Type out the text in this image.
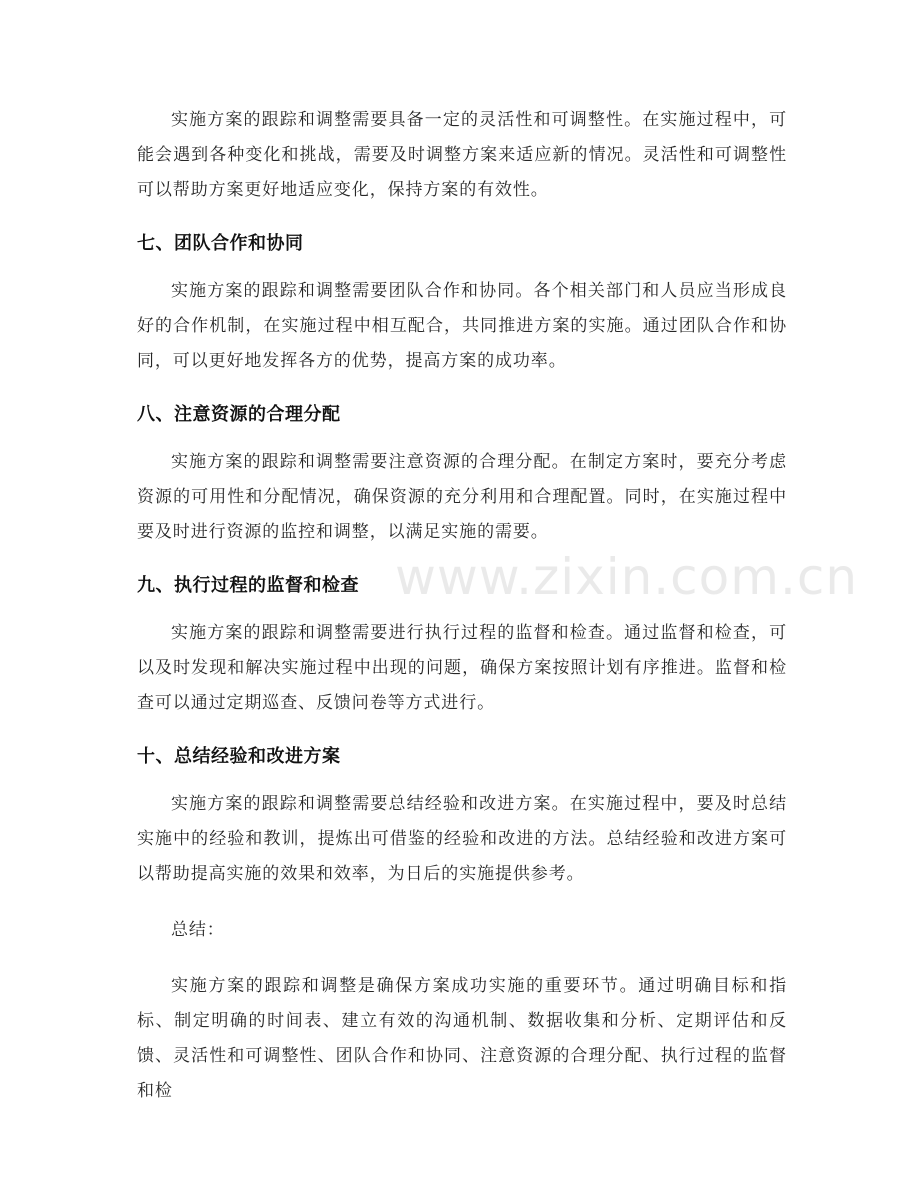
实施方案的跟踪和调整需要具备一定的灵活性和可调整性。在实施过程中，可能会遇到各种变化和挑战，需要及时调整方案来适应新的情况。灵活性和可调整性可以帮助方案更好地适应变化，保持方案的有效性。

七、团队合作和协同

实施方案的跟踪和调整需要团队合作和协同。各个相关部门和人员应当形成良好的合作机制，在实施过程中相互配合，共同推进方案的实施。通过团队合作和协同，可以更好地发挥各方的优势，提高方案的成功率。

八、注意资源的合理分配

实施方案的跟踪和调整需要注意资源的合理分配。在制定方案时，要充分考虑资源的可用性和分配情况，确保资源的充分利用和合理配置。同时，在实施过程中要及时进行资源的监控和调整，以满足实施的需要。

九、执行过程的监督和检查

实施方案的跟踪和调整需要进行执行过程的监督和检查。通过监督和检查，可以及时发现和解决实施过程中出现的问题，确保方案按照计划有序推进。监督和检查可以通过定期巡查、反馈问卷等方式进行。

十、总结经验和改进方案

实施方案的跟踪和调整需要总结经验和改进方案。在实施过程中，要及时总结实施中的经验和教训，提炼出可借鉴的经验和改进的方法。总结经验和改进方案可以帮助提高实施的效果和效率，为日后的实施提供参考。

总结：

实施方案的跟踪和调整是确保方案成功实施的重要环节。通过明确目标和指标、制定明确的时间表、建立有效的沟通机制、数据收集和分析、定期评估和反馈、灵活性和可调整性、团队合作和协同、注意资源的合理分配、执行过程的监督和检

www.zixin.com.cn
